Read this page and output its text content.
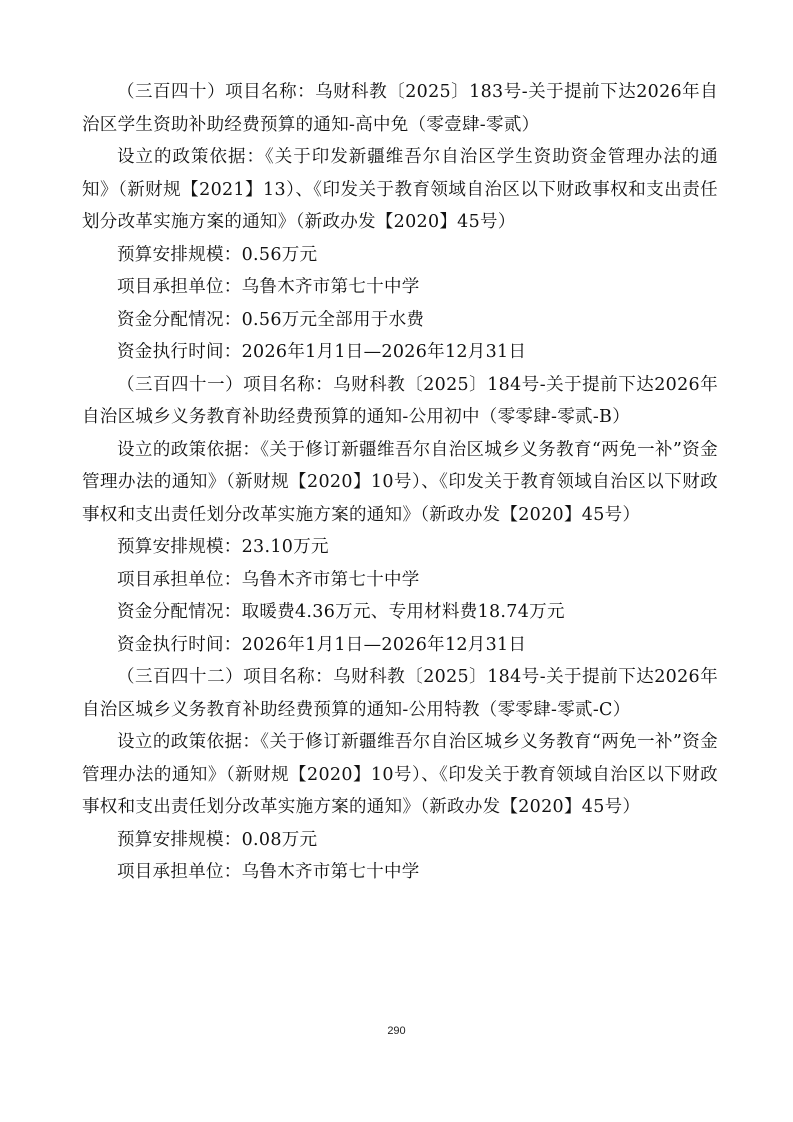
（三百四十）项目名称：乌财科教〔2025〕183号-关于提前下达2026年自治区学生资助补助经费预算的通知-高中免（零壹肆-零贰）

设立的政策依据：《关于印发新疆维吾尔自治区学生资助资金管理办法的通知》（新财规【2021】13）、《印发关于教育领域自治区以下财政事权和支出责任划分改革实施方案的通知》（新政办发【2020】45号）

预算安排规模：0.56万元

项目承担单位：乌鲁木齐市第七十中学

资金分配情况：0.56万元全部用于水费

资金执行时间：2026年1月1日—2026年12月31日

（三百四十一）项目名称：乌财科教〔2025〕184号-关于提前下达2026年自治区城乡义务教育补助经费预算的通知-公用初中（零零肆-零贰-B）

设立的政策依据：《关于修订新疆维吾尔自治区城乡义务教育“两免一补”资金管理办法的通知》（新财规【2020】10号）、《印发关于教育领域自治区以下财政事权和支出责任划分改革实施方案的通知》（新政办发【2020】45号）

预算安排规模：23.10万元

项目承担单位：乌鲁木齐市第七十中学

资金分配情况：取暖费4.36万元、专用材料费18.74万元

资金执行时间：2026年1月1日—2026年12月31日

（三百四十二）项目名称：乌财科教〔2025〕184号-关于提前下达2026年自治区城乡义务教育补助经费预算的通知-公用特教（零零肆-零贰-C）

设立的政策依据：《关于修订新疆维吾尔自治区城乡义务教育“两免一补”资金管理办法的通知》（新财规【2020】10号）、《印发关于教育领域自治区以下财政事权和支出责任划分改革实施方案的通知》（新政办发【2020】45号）

预算安排规模：0.08万元

项目承担单位：乌鲁木齐市第七十中学

290
